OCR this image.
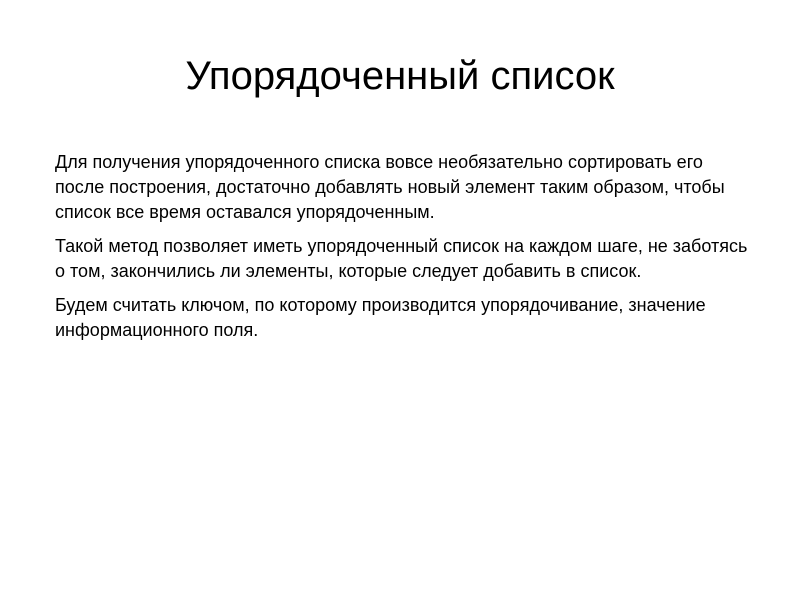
Упорядоченный список

Для получения упорядоченного списка вовсе необязательно сортировать его после построения, достаточно добавлять новый элемент таким образом, чтобы список все время оставался упорядоченным.

Такой метод позволяет иметь упорядоченный список на каждом шаге, не заботясь о том, закончились ли элементы, которые следует добавить в список.

Будем считать ключом, по которому производится упорядочивание, значение информационного поля.
